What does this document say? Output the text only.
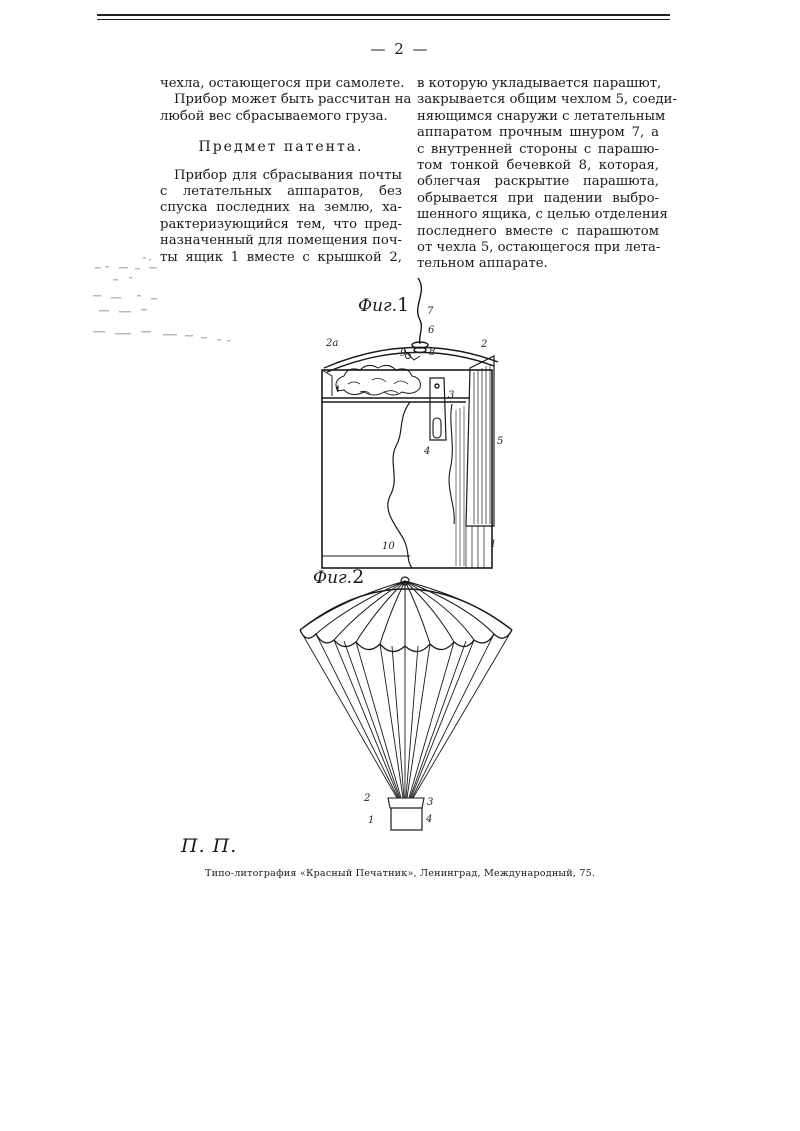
— 2 —
чехла, остающегося при самолете.
Прибор может быть рассчитан на
любой вес сбрасываемого груза.

Предмет патента.

Прибор для сбрасывания почты
с летательных аппаратов, без
спуска последних на землю, ха-
рактеризующийся тем, что пред-
назначенный для помещения поч-
ты ящик 1 вместе с крышкой 2,
в которую укладывается парашют,
закрывается общим чехлом 5, соеди-
няющимся снаружи с летательным
аппаратом прочным шнуром 7, а
с внутренней стороны с парашю-
том тонкой бечевкой 8, которая,
облегчая раскрытие парашюта,
обрывается при падении выбро-
шенного ящика, с целью отделения
последнего вместе с парашютом
от чехла 5, остающегося при лета-
тельном аппарате.
Фиг.1
Фиг.2
7
6
2
2a
9 8
3
5
4
10	1
2	3
1	4
П. П.
Типо-литография «Красный Печатник», Ленинград, Международный, 75.
